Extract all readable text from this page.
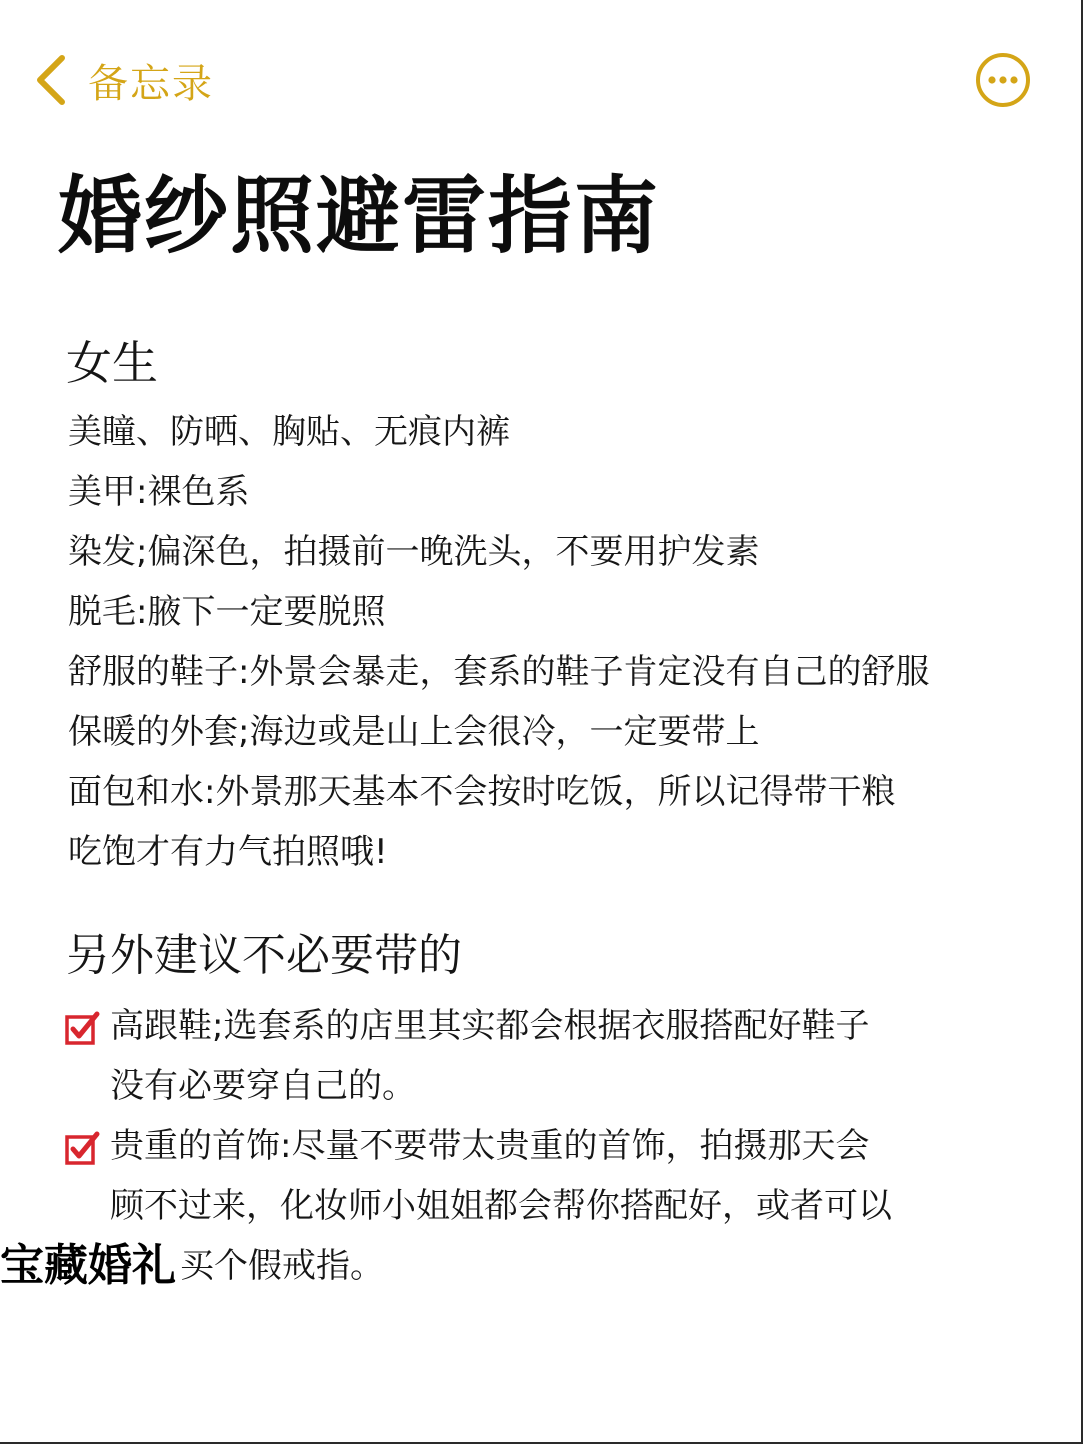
备忘录
婚纱照避雷指南
女生
美瞳、防晒、胸贴、无痕内裤
美甲:裸色系
染发;偏深色，拍摄前一晚洗头，不要用护发素
脱毛:腋下一定要脱照
舒服的鞋子:外景会暴走，套系的鞋子肯定没有自己的舒服
保暖的外套;海边或是山上会很冷，一定要带上
面包和水:外景那天基本不会按时吃饭，所以记得带干粮
吃饱才有力气拍照哦!
另外建议不必要带的
高跟鞋;选套系的店里其实都会根据衣服搭配好鞋子
没有必要穿自己的。
贵重的首饰:尽量不要带太贵重的首饰，拍摄那天会
顾不过来，化妆师小姐姐都会帮你搭配好，或者可以
买个假戒指。
宝藏婚礼
